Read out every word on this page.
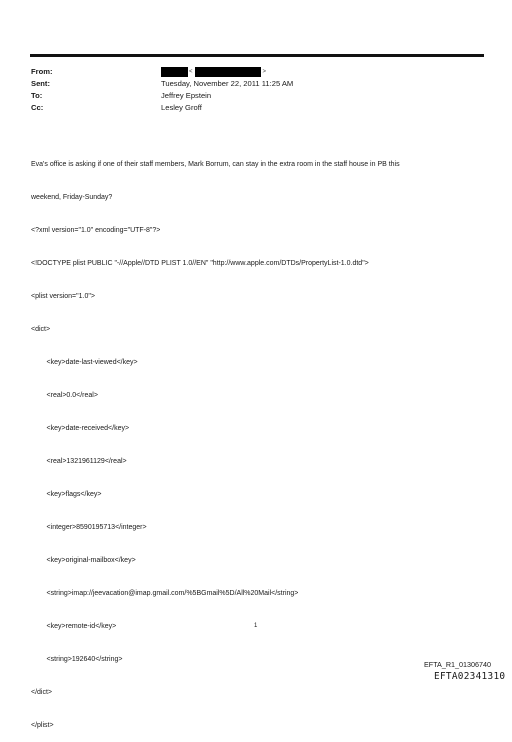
From:	<	>
Sent:	Tuesday, November 22, 2011 11:25 AM
To:	Jeffrey Epstein
Cc:	Lesley Groff

Eva's office is asking if one of their staff members, Mark Borrum, can stay in the extra room in the staff house in PB this

weekend, Friday-Sunday?

<?xml version="1.0" encoding="UTF-8"?>

<!DOCTYPE plist PUBLIC "-//Apple//DTD PLIST 1.0//EN" "http://www.apple.com/DTDs/PropertyList-1.0.dtd">

<plist version="1.0">

<dict>

<key>date-last-viewed</key>

<real>0.0</real>

<key>date-received</key>

<real>1321961129</real>

<key>flags</key>

<integer>8590195713</integer>

<key>original-mailbox</key>

<string>imap://jeevacation@imap.gmail.com/%5BGmail%5D/All%20Mail</string>

<key>remote-id</key>

<string>192640</string>

</dict>

</plist>

1
EFTA_R1_01306740
EFTA02341310
